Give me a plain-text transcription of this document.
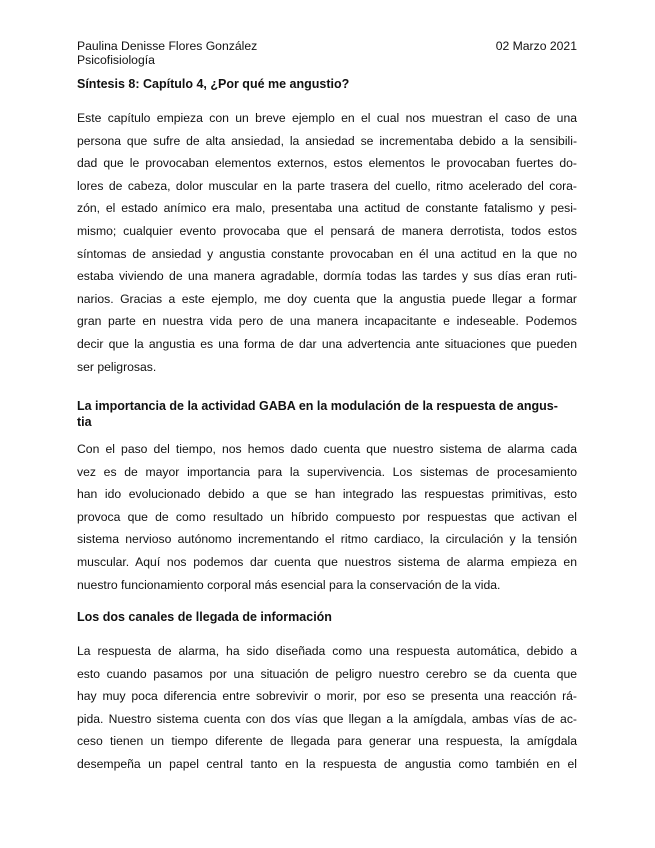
Paulina Denisse Flores González
Psicofisiología
02 Marzo 2021
Síntesis 8: Capítulo 4, ¿Por qué me angustio?
Este capítulo empieza con un breve ejemplo en el cual nos muestran el caso de una
persona que sufre de alta ansiedad, la ansiedad se incrementaba debido a la sensibili-
dad que le provocaban elementos externos, estos elementos le provocaban fuertes do-
lores de cabeza, dolor muscular en la parte trasera del cuello, ritmo acelerado del cora-
zón, el estado anímico era malo, presentaba una actitud de constante fatalismo y pesi-
mismo; cualquier evento provocaba que el pensará de manera derrotista, todos estos
síntomas de ansiedad y angustia constante provocaban en él una actitud en la que no
estaba viviendo de una manera agradable, dormía todas las tardes y sus días eran ruti-
narios. Gracias a este ejemplo, me doy cuenta que la angustia puede llegar a formar
gran parte en nuestra vida pero de una manera incapacitante e indeseable. Podemos
decir que la angustia es una forma de dar una advertencia ante situaciones que pueden
ser peligrosas.
La importancia de la actividad GABA en la modulación de la respuesta de angus-
tia
Con el paso del tiempo, nos hemos dado cuenta que nuestro sistema de alarma cada
vez es de mayor importancia para la supervivencia. Los sistemas de procesamiento
han ido evolucionado debido a que se han integrado las respuestas primitivas, esto
provoca que de como resultado un híbrido compuesto por respuestas que activan el
sistema nervioso autónomo incrementando el ritmo cardiaco, la circulación y la tensión
muscular. Aquí nos podemos dar cuenta que nuestros sistema de alarma empieza en
nuestro funcionamiento corporal más esencial para la conservación de la vida.
Los dos canales de llegada de información
La respuesta de alarma, ha sido diseñada como una respuesta automática, debido a
esto cuando pasamos por una situación de peligro nuestro cerebro se da cuenta que
hay muy poca diferencia entre sobrevivir o morir, por eso se presenta una reacción rá-
pida. Nuestro sistema cuenta con dos vías que llegan a la amígdala, ambas vías de ac-
ceso tienen un tiempo diferente de llegada para generar una respuesta, la amígdala
desempeña un papel central tanto en la respuesta de angustia como también en el
